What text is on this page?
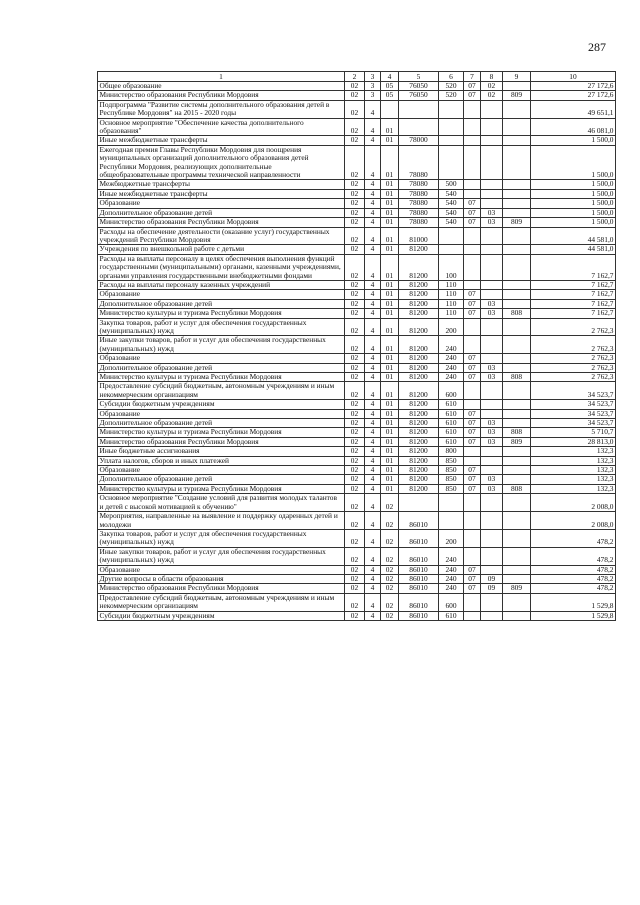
287
1	2	3	4	5	6	7	8	9	10
Общее образование	02	3	05	76050	520	07	02		27 172,6
Министерство образования Республики Мордовия	02	3	05	76050	520	07	02	809	27 172,6
Подпрограмма "Развитие системы дополнительного образования детей в Республике Мордовия" на 2015 - 2020 годы	02	4							49 651,1
Основное мероприятие "Обеспечение качества дополнительного образования"	02	4	01						46 081,0
Иные межбюджетные трансферты	02	4	01	78000					1 500,0
Ежегодная премия Главы Республики Мордовия для поощрения муниципальных организаций дополнительного образования детей Республики Мордовия, реализующих дополнительные общеобразовательные программы технической направленности	02	4	01	78080					1 500,0
Межбюджетные трансферты	02	4	01	78080	500				1 500,0
Иные межбюджетные трансферты	02	4	01	78080	540				1 500,0
Образование	02	4	01	78080	540	07			1 500,0
Дополнительное образование детей	02	4	01	78080	540	07	03		1 500,0
Министерство образования Республики Мордовия	02	4	01	78080	540	07	03	809	1 500,0
Расходы на обеспечение деятельности (оказание услуг) государственных учреждений Республики Мордовия	02	4	01	81000					44 581,0
Учреждения по внешкольной работе с детьми	02	4	01	81200					44 581,0
Расходы на выплаты персоналу в целях обеспечения выполнения функций государственными (муниципальными) органами, казенными учреждениями, органами управления государственными внебюджетными фондами	02	4	01	81200	100				7 162,7
Расходы на выплаты персоналу казенных учреждений	02	4	01	81200	110				7 162,7
Образование	02	4	01	81200	110	07			7 162,7
Дополнительное образование детей	02	4	01	81200	110	07	03		7 162,7
Министерство культуры и туризма Республики Мордовия	02	4	01	81200	110	07	03	808	7 162,7
Закупка товаров, работ и услуг для обеспечения государственных (муниципальных) нужд	02	4	01	81200	200				2 762,3
Иные закупки товаров, работ и услуг для обеспечения государственных (муниципальных) нужд	02	4	01	81200	240				2 762,3
Образование	02	4	01	81200	240	07			2 762,3
Дополнительное образование детей	02	4	01	81200	240	07	03		2 762,3
Министерство культуры и туризма Республики Мордовия	02	4	01	81200	240	07	03	808	2 762,3
Предоставление субсидий бюджетным, автономным учреждениям и иным некоммерческим организациям	02	4	01	81200	600				34 523,7
Субсидии бюджетным учреждениям	02	4	01	81200	610				34 523,7
Образование	02	4	01	81200	610	07			34 523,7
Дополнительное образование детей	02	4	01	81200	610	07	03		34 523,7
Министерство культуры и туризма Республики Мордовия	02	4	01	81200	610	07	03	808	5 710,7
Министерство образования Республики Мордовия	02	4	01	81200	610	07	03	809	28 813,0
Иные бюджетные ассигнования	02	4	01	81200	800				132,3
Уплата налогов, сборов и иных платежей	02	4	01	81200	850				132,3
Образование	02	4	01	81200	850	07			132,3
Дополнительное образование детей	02	4	01	81200	850	07	03		132,3
Министерство культуры и туризма Республики Мордовия	02	4	01	81200	850	07	03	808	132,3
Основное мероприятие "Создание условий для развития молодых талантов и детей с высокой мотивацией к обучению"	02	4	02						2 008,0
Мероприятия, направленные на выявление и поддержку одаренных детей и молодежи	02	4	02	86010					2 008,0
Закупка товаров, работ и услуг для обеспечения государственных (муниципальных) нужд	02	4	02	86010	200				478,2
Иные закупки товаров, работ и услуг для обеспечения государственных (муниципальных) нужд	02	4	02	86010	240				478,2
Образование	02	4	02	86010	240	07			478,2
Другие вопросы в области образования	02	4	02	86010	240	07	09		478,2
Министерство образования Республики Мордовия	02	4	02	86010	240	07	09	809	478,2
Предоставление субсидий бюджетным, автономным учреждениям и иным некоммерческим организациям	02	4	02	86010	600				1 529,8
Субсидии бюджетным учреждениям	02	4	02	86010	610				1 529,8
